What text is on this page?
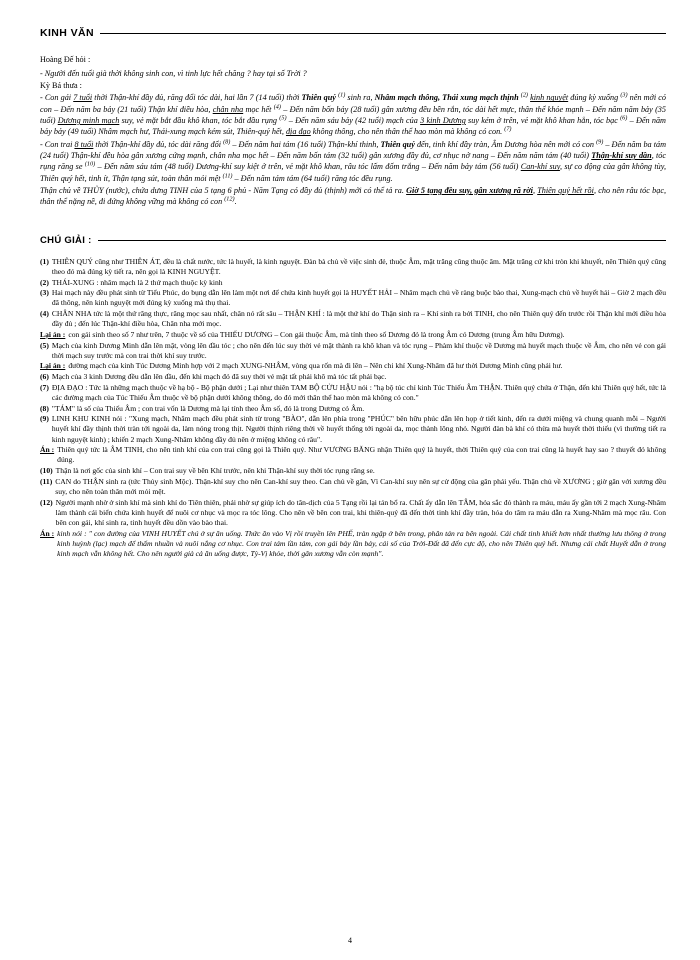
KINH VĂN

Hoàng Đế hỏi :

- Người đến tuổi già thời không sinh con, vì tinh lực hết chăng ? hay tại số Trời ?

Kỳ Bá thưa :

- Con gái 7 tuổi thời Thận-khí đầy đủ, răng đổi tóc dài, hai lần 7 (14 tuổi) thời Thiên quý $^{(1)}$ sinh ra, Nhâm mạch thông, Thái xung mạch thịnh $^{(2)}$ kinh nguyệt đúng kỳ xuống $^{(3)}$ nên mới có con – Đến năm ba bảy (21 tuổi) Thận khí điều hòa, chân nha mọc hết $^{(4)}$ – Đến năm bốn bảy (28 tuổi) gân xương đều bền rắn, tóc dài hết mực, thân thể khỏe mạnh – Đến năm năm bảy (35 tuổi) Dương minh mạch suy, vẻ mặt bắt đầu khô khan, tóc bắt đầu rụng $^{(5)}$ – Đến năm sáu bảy (42 tuổi) mạch của 3 kinh Dương suy kém ở trên, vẻ mặt khô khan hẳn, tóc bạc $^{(6)}$ – Đến năm bảy bảy (49 tuổi) Nhâm mạch hư, Thái-xung mạch kém sút, Thiên-quý hết, địa đạo không thông, cho nên thân thể hao mòn mà không có con. $^{(7)}$

- Con trai 8 tuổi thời Thận-khí đầy đủ, tóc dài răng đổi $^{(8)}$ – Đến năm hai tám (16 tuổi) Thận-khí thinh, Thiên quý đến, tinh khí đầy tràn, Âm Dương hòa nên mới có con $^{(9)}$ – Đến năm ba tám (24 tuổi) Thận-khí đều hòa gân xương cứng mạnh, chân nha mọc hết – Đến năm bốn tám (32 tuổi) gân xương đầy đủ, cơ nhục nở nang – Đến năm năm tám (40 tuổi) Thận-khí suy dần, tóc rụng răng se $^{(10)}$ – Đến năm sáu tám (48 tuổi) Dương-khí suy kiệt ở trên, vẻ mặt khô khan, râu tóc lấm đốm trắng – Đến năm bảy tám (56 tuổi) Can-khí suy, sự co động của gân không tùy, Thiên quý hết, tinh ít, Thận tạng sút, toàn thân mỏi mệt $^{(11)}$ – Đến năm tám tám (64 tuổi) răng tóc đều rụng.

Thận chủ về THỦY (nước), chứa dưng TINH của 5 tạng 6 phủ - Năm Tạng có đầy đủ (thịnh) mới có thể tả ra. Giờ 5 tạng đều suy, gân xương rã rời, Thiên quý hết rồi, cho nên râu tóc bạc, thân thể nặng nề, đi đứng không vững mà không có con $^{(12)}$.

CHÚ GIẢI :
(1) THIÊN QUÝ cũng như THIÊN ÁT, đều là chất nước, tức là huyết, là kinh nguyệt. Đàn bà chủ về việc sinh đẻ, thuộc Âm, mặt trăng cũng thuộc âm. Mặt trăng cứ khi tròn khi khuyết, nên Thiên quý cũng theo đó mà đúng kỳ tiết ra, nên gọi là KINH NGUYỆT.
(2) THÁI-XUNG : nhâm mạch là 2 thứ mạch thuộc kỳ kinh
(3) Hai mạch này đều phát sinh từ Tiểu Phúc, do bụng dẫn lên làm một nơi để chứa kinh huyết gọi là HUYẾT HẢI – Nhâm mạch chủ về ràng buộc bào thai, Xung-mạch chủ về huyết hải – Giờ 2 mạch đều đã thông, nên kinh nguyệt mới đúng kỳ xuống mà thụ thai.
(4) CHÂN NHA tức là một thứ răng thực, răng mọc sau nhất, chân nó rất sâu – THẬN KHÍ : là một thứ khí do Thận sinh ra – Khí sinh ra bởi TINH, cho nên Thiên quý đến trước rồi Thận khí mới điều hòa đầy đủ ; đến lúc Thận-khí điều hòa, Chân nha mới mọc.
Lại án : con gái sinh theo số 7 như trên, 7 thuộc về số của THIẾU DƯƠNG – Con gái thuộc Âm, mà tính theo số Dương đó là trong Âm có Dương (trung Âm hữu Dương).
(5) Mạch của kinh Dương Minh dẫn lên mặt, vòng lên đầu tóc ; cho nên đến lúc suy thời vẻ mặt thành ra khô khan và tóc rụng – Phàm khí thuộc về Dương mà huyết mạch thuộc về Âm, cho nên vẻ con gái thời mạch suy trước mà con trai thời khí suy trước.
Lại án : đường mạch của kinh Túc Dương Minh hợp với 2 mạch XUNG-NHÂM, vòng qua rốn mà đi lên – Nên chi khí Xung-Nhâm đã hư thời Dương Minh cũng phải hư.
(6) Mạch của 3 kinh Dương đều dẫn lên đầu, đến khi mạch đó đã suy thời vẻ mặt tất phải khô mà tóc tất phải bạc.
(7) ĐỊA ĐẠO : Tức là những mạch thuộc về hạ bộ - Bộ phận dưới ; Lại như thiên TAM BỘ CỬU HẬU nói : "hạ bộ túc chỉ kinh Túc Thiếu Âm THẬN. Thiên quý chứa ở Thận, đến khi Thiên quý hết, tức là các đường mạch của Túc Thiếu Âm thuộc về bộ phận dưới không thông, do đó mới thân thể hao mòn mà không có con."
(8) "TÁM" là số của Thiếu Âm ; con trai vốn là Dương mà lại tính theo Âm số, đó là trong Dương có Âm.
(9) LINH KHU KINH nói : "Xung mạch, Nhâm mạch đều phát sinh từ trong "BÀO", dẫn lên phía trong "PHÚC" bên hữu phúc dẫn lên họp ở tiết kinh, đến ra dưới miệng và chung quanh mỗi – Người huyết khí đầy thịnh thời tràn tới ngoài da, làm nóng trong thịt. Người thịnh riêng thời về huyết thống tới ngoài da, mọc thành lông nhỏ. Người đàn bà khí có thừa mà huyết thời thiếu (vì thường tiết ra kinh nguyệt kinh) ; khiến 2 mạch Xung-Nhâm không đầy đủ nên ở miệng không có râu".
Án : Thiên quý tức là ÂM TINH, cho nên tinh khí của con trai cũng gọi là Thiên quý. Như VƯƠNG BĂNG nhận Thiên quý là huyết, thời Thiên quý của con trai cũng là huyết hay sao ? thuyết đó không đúng.
(10) Thận là nơi gốc của sinh khí – Con trai suy về bên Khí trước, nên khi Thận-khí suy thời tóc rụng răng se.
(11) CAN do THẬN sinh ra (tức Thủy sinh Mộc). Thận-khí suy cho nên Can-khí suy theo. Can chủ về gân, Vì Can-khí suy nên sự cử động của gân phải yếu. Thận chủ về XƯƠNG ; giờ gân với xương đều suy, cho nên toàn thân mới mỏi mệt.
(12) Người mạnh nhờ ở sinh khí mà sinh khí do Tiên thiên, phải nhờ sự giúp ích do tân-dịch của 5 Tạng rồi lại tản bổ ra. Chất ấy dẫn lên TÂM, hóa sắc đỏ thành ra máu, máu ấy gần tới 2 mạch Xung-Nhâm làm thành cái biển chứa kinh huyết để nuôi cơ nhục và mọc ra tóc lông. Cho nên về bên con trai, khi thiên-quý đã đến thời tinh khí đầy tràn, hóa do tâm ra máu dẫn ra Xung-Nhâm mà mọc râu. Con bên con gái, khí sinh ra, tinh huyết đều dồn vào bào thai.
Án : kinh nói : " con đường của VINH HUYẾT chú ở sự ăn uống. Thức ăn vào Vị rồi truyền lên PHẾ, tràn ngập ở bên trong, phân tán ra bên ngoài. Cái chất tinh khiết hơn nhất thường lưu thông ở trong kinh huỳnh (lạc) mạch để thấm nhuần và nuôi nắng cơ nhục. Con trai tám lần tám, con gái bảy lần bảy, cái số của Trời-Đất đã đến cực độ, cho nên Thiên quý hết. Nhưng cái chất Huyết dẫn ở trong kinh mạch vẫn không hết. Cho nên người già cả ăn uống được, Tỳ-Vị khỏe, thời gân xương vẫn còn mạnh".
4
